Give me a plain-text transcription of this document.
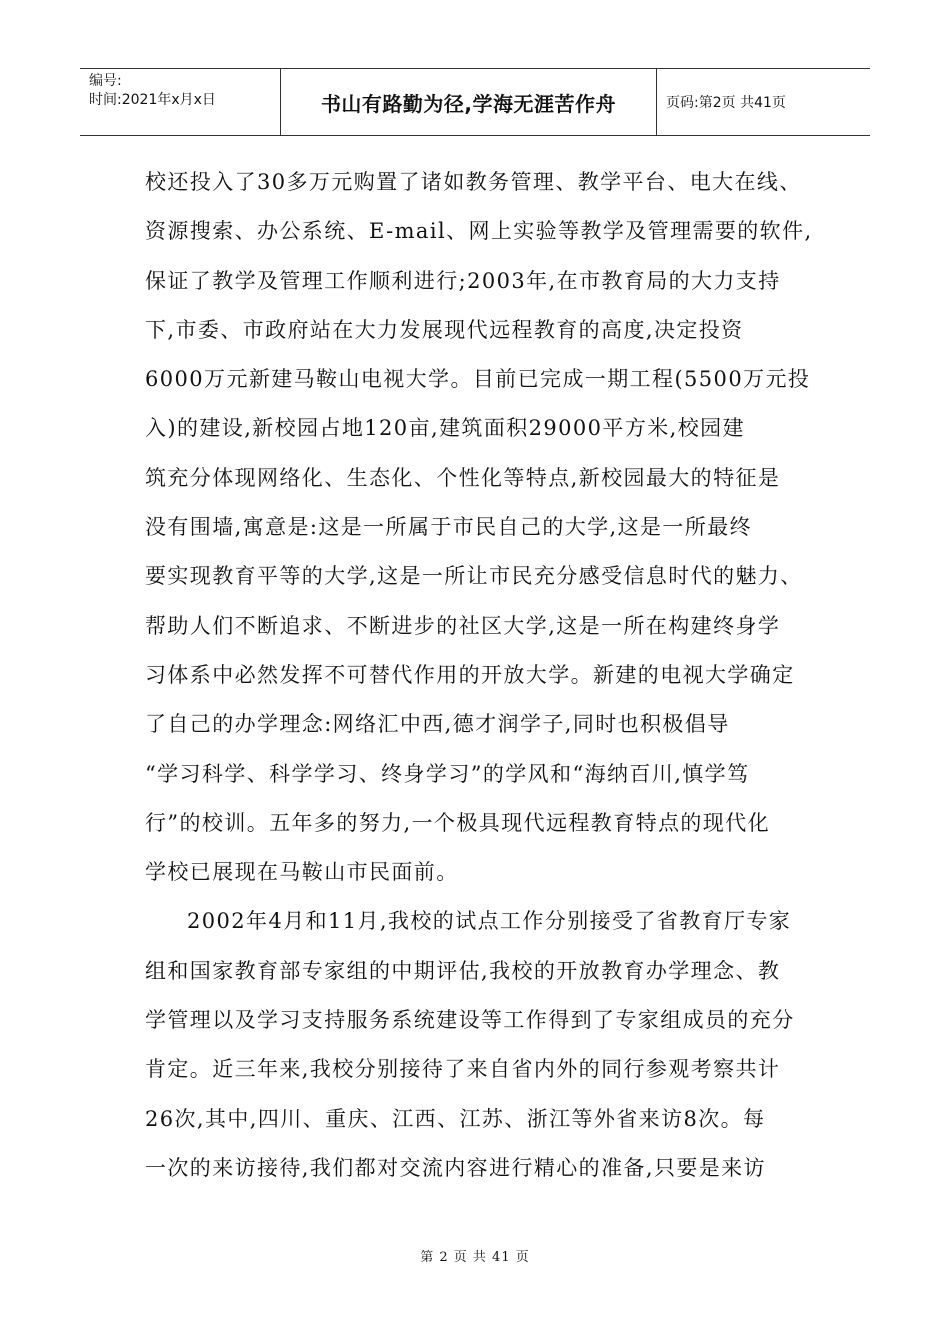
编号:
时间:2021年x月x日	书山有路勤为径,学海无涯苦作舟	页码:第2页 共41页
校还投入了30多万元购置了诸如教务管理、教学平台、电大在线、
资源搜索、办公系统、E-mail、网上实验等教学及管理需要的软件,
保证了教学及管理工作顺利进行;2003年,在市教育局的大力支持
下,市委、市政府站在大力发展现代远程教育的高度,决定投资
6000万元新建马鞍山电视大学。目前已完成一期工程(5500万元投
入)的建设,新校园占地120亩,建筑面积29000平方米,校园建
筑充分体现网络化、生态化、个性化等特点,新校园最大的特征是
没有围墙,寓意是:这是一所属于市民自己的大学,这是一所最终
要实现教育平等的大学,这是一所让市民充分感受信息时代的魅力、
帮助人们不断追求、不断进步的社区大学,这是一所在构建终身学
习体系中必然发挥不可替代作用的开放大学。新建的电视大学确定
了自己的办学理念:网络汇中西,德才润学子,同时也积极倡导
“学习科学、科学学习、终身学习”的学风和“海纳百川,慎学笃
行”的校训。五年多的努力,一个极具现代远程教育特点的现代化
学校已展现在马鞍山市民面前。
2002年4月和11月,我校的试点工作分别接受了省教育厅专家
组和国家教育部专家组的中期评估,我校的开放教育办学理念、教
学管理以及学习支持服务系统建设等工作得到了专家组成员的充分
肯定。近三年来,我校分别接待了来自省内外的同行参观考察共计
26次,其中,四川、重庆、江西、江苏、浙江等外省来访8次。每
一次的来访接待,我们都对交流内容进行精心的准备,只要是来访
第 2 页 共 41 页
